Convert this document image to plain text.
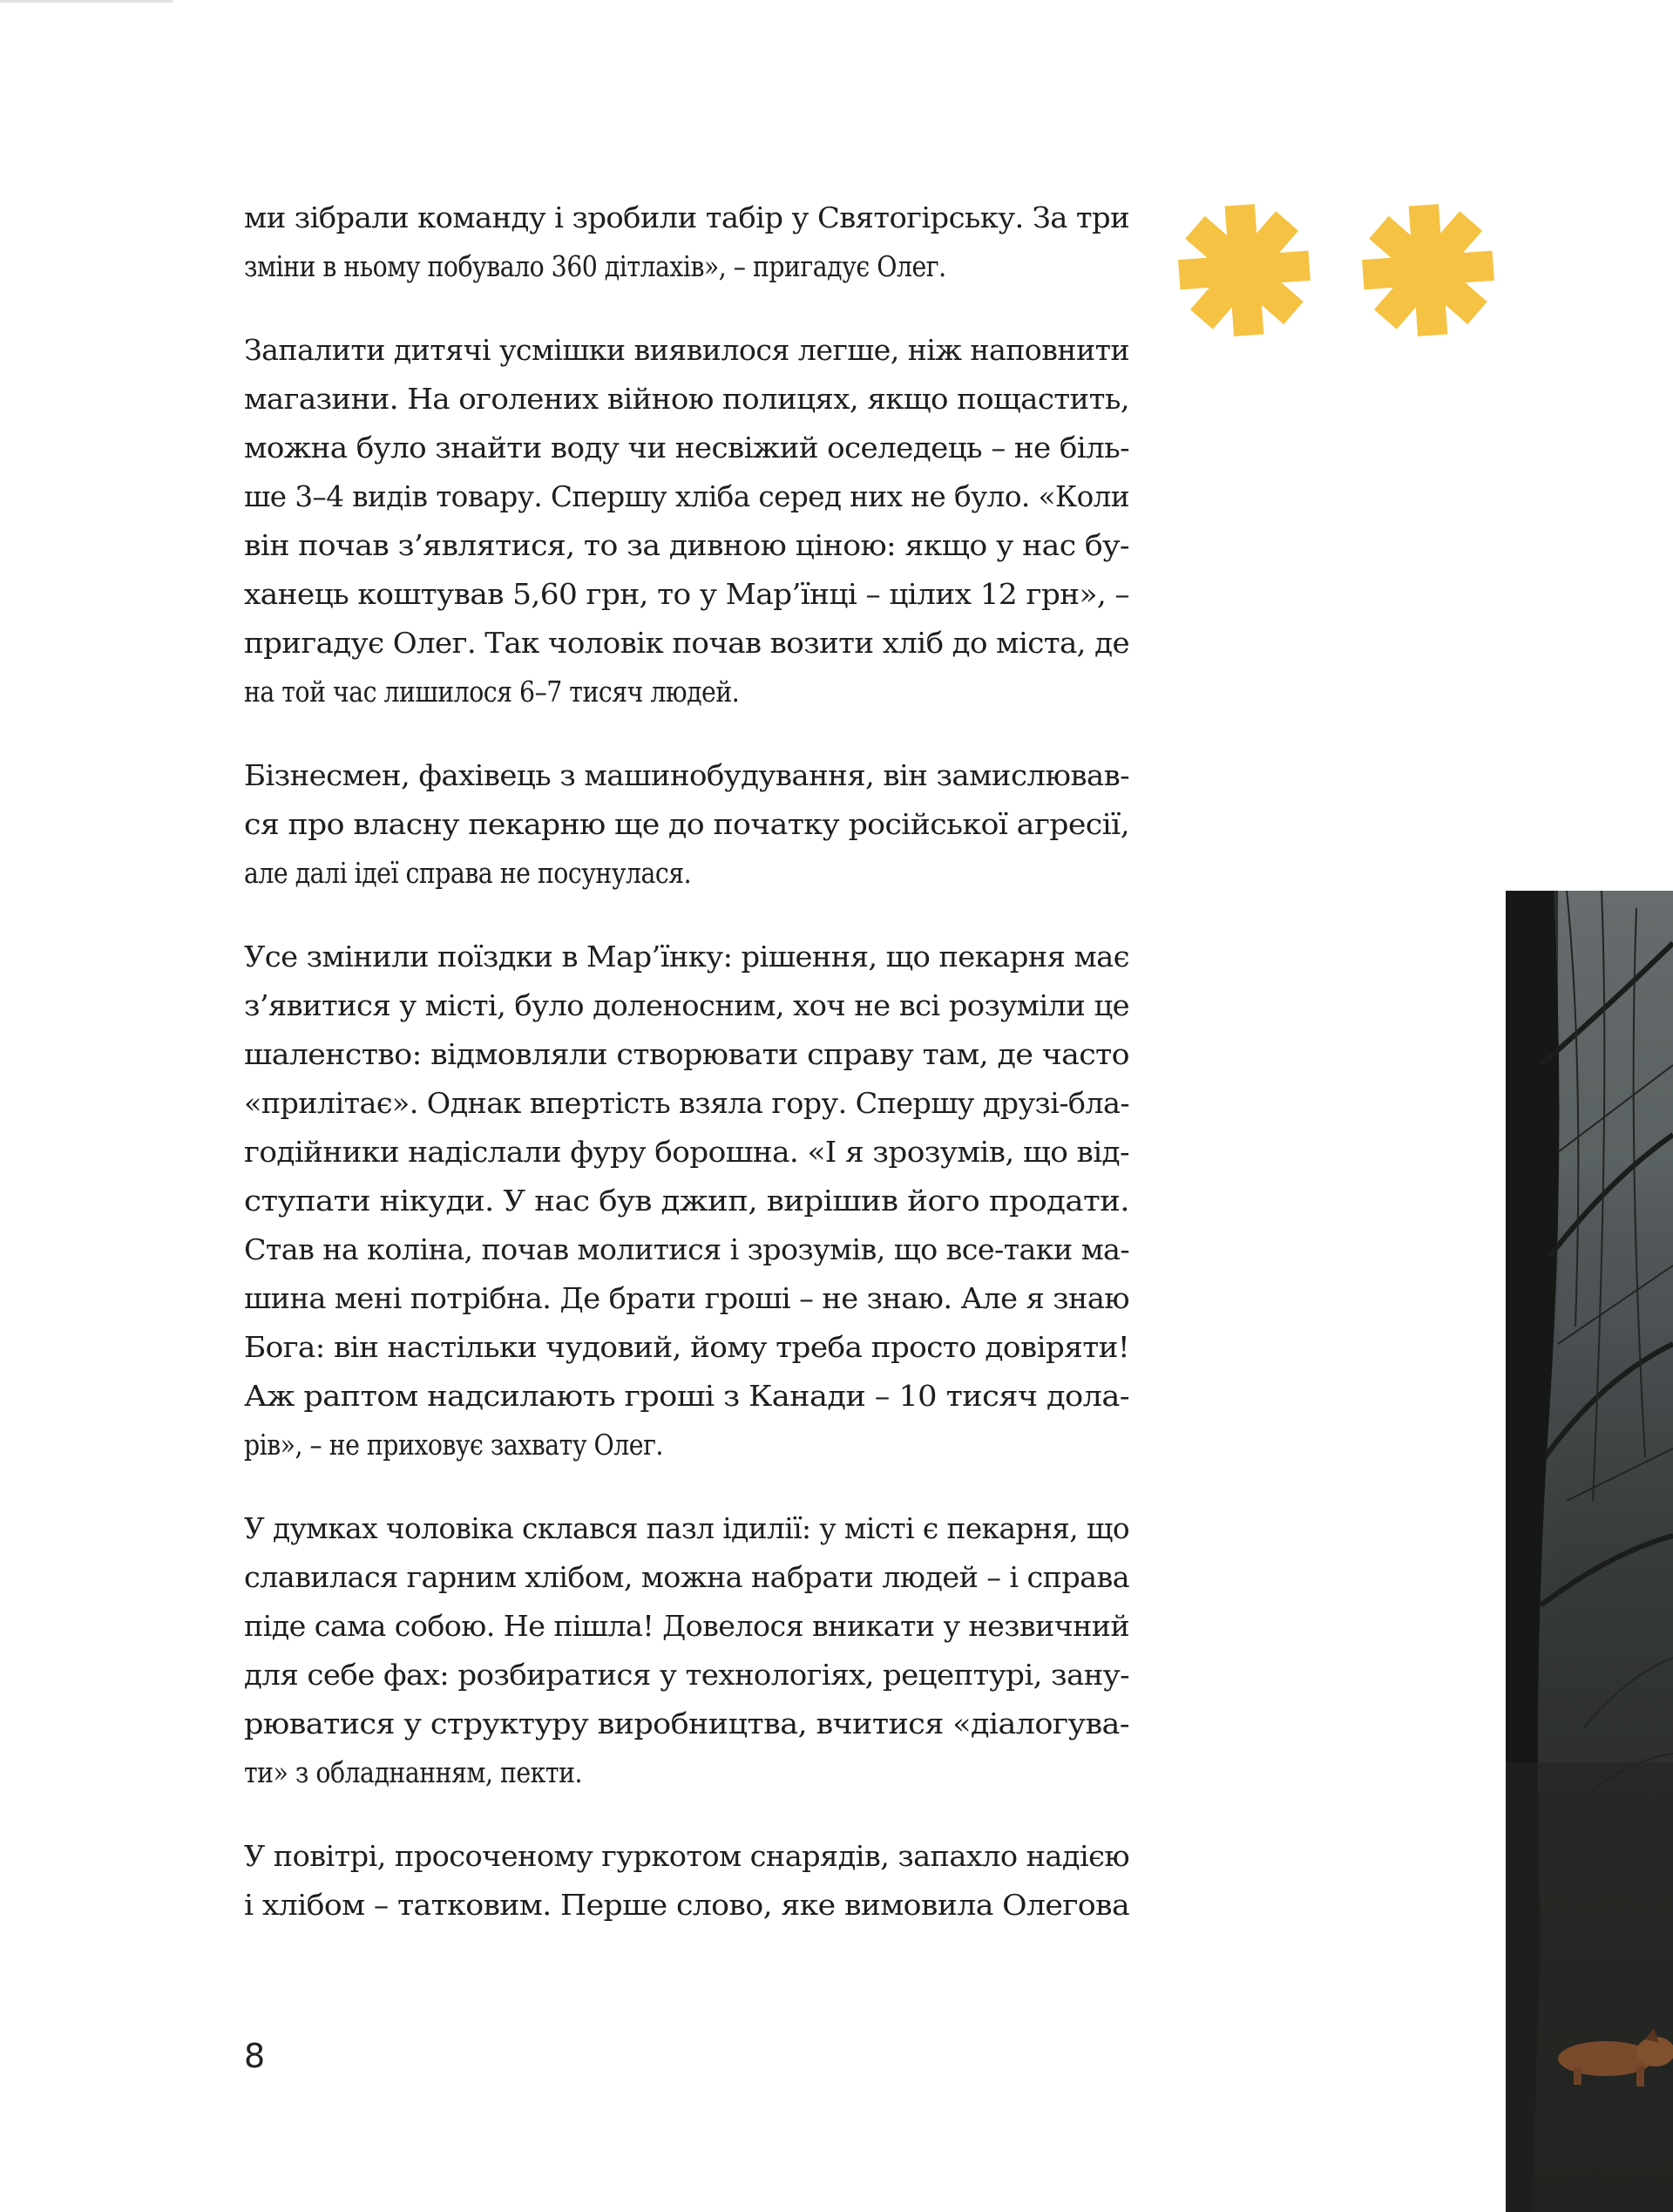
ми зібрали команду і зробили табір у Святогірську. За три
зміни в ньому побувало 360 дітлахів», – пригадує Олег.

Запалити дитячі усмішки виявилося легше, ніж наповнити
магазини. На оголених війною полицях, якщо пощастить,
можна було знайти воду чи несвіжий оселедець – не біль-
ше 3–4 видів товару. Спершу хліба серед них не було. «Коли
він почав з’являтися, то за дивною ціною: якщо у нас бу-
ханець коштував 5,60 грн, то у Мар’їнці – цілих 12 грн», –
пригадує Олег. Так чоловік почав возити хліб до міста, де
на той час лишилося 6–7 тисяч людей.

Бізнесмен, фахівець з машинобудування, він замислював-
ся про власну пекарню ще до початку російської агресії,
але далі ідеї справа не посунулася.

Усе змінили поїздки в Мар’їнку: рішення, що пекарня має
з’явитися у місті, було доленосним, хоч не всі розуміли це
шаленство: відмовляли створювати справу там, де часто
«прилітає». Однак впертість взяла гору. Спершу друзі-бла-
годійники надіслали фуру борошна. «І я зрозумів, що від-
ступати нікуди. У нас був джип, вирішив його продати.
Став на коліна, почав молитися і зрозумів, що все-таки ма-
шина мені потрібна. Де брати гроші – не знаю. Але я знаю
Бога: він настільки чудовий, йому треба просто довіряти!
Аж раптом надсилають гроші з Канади – 10 тисяч дола-
рів», – не приховує захвату Олег.

У думках чоловіка склався пазл ідилії: у місті є пекарня, що
славилася гарним хлібом, можна набрати людей – і справа
піде сама собою. Не пішла! Довелося вникати у незвичний
для себе фах: розбиратися у технологіях, рецептурі, зану-
рюватися у структуру виробництва, вчитися «діалогува-
ти» з обладнанням, пекти.

У повітрі, просоченому гуркотом снарядів, запахло надією
і хлібом – татковим. Перше слово, яке вимовила Олегова

8
